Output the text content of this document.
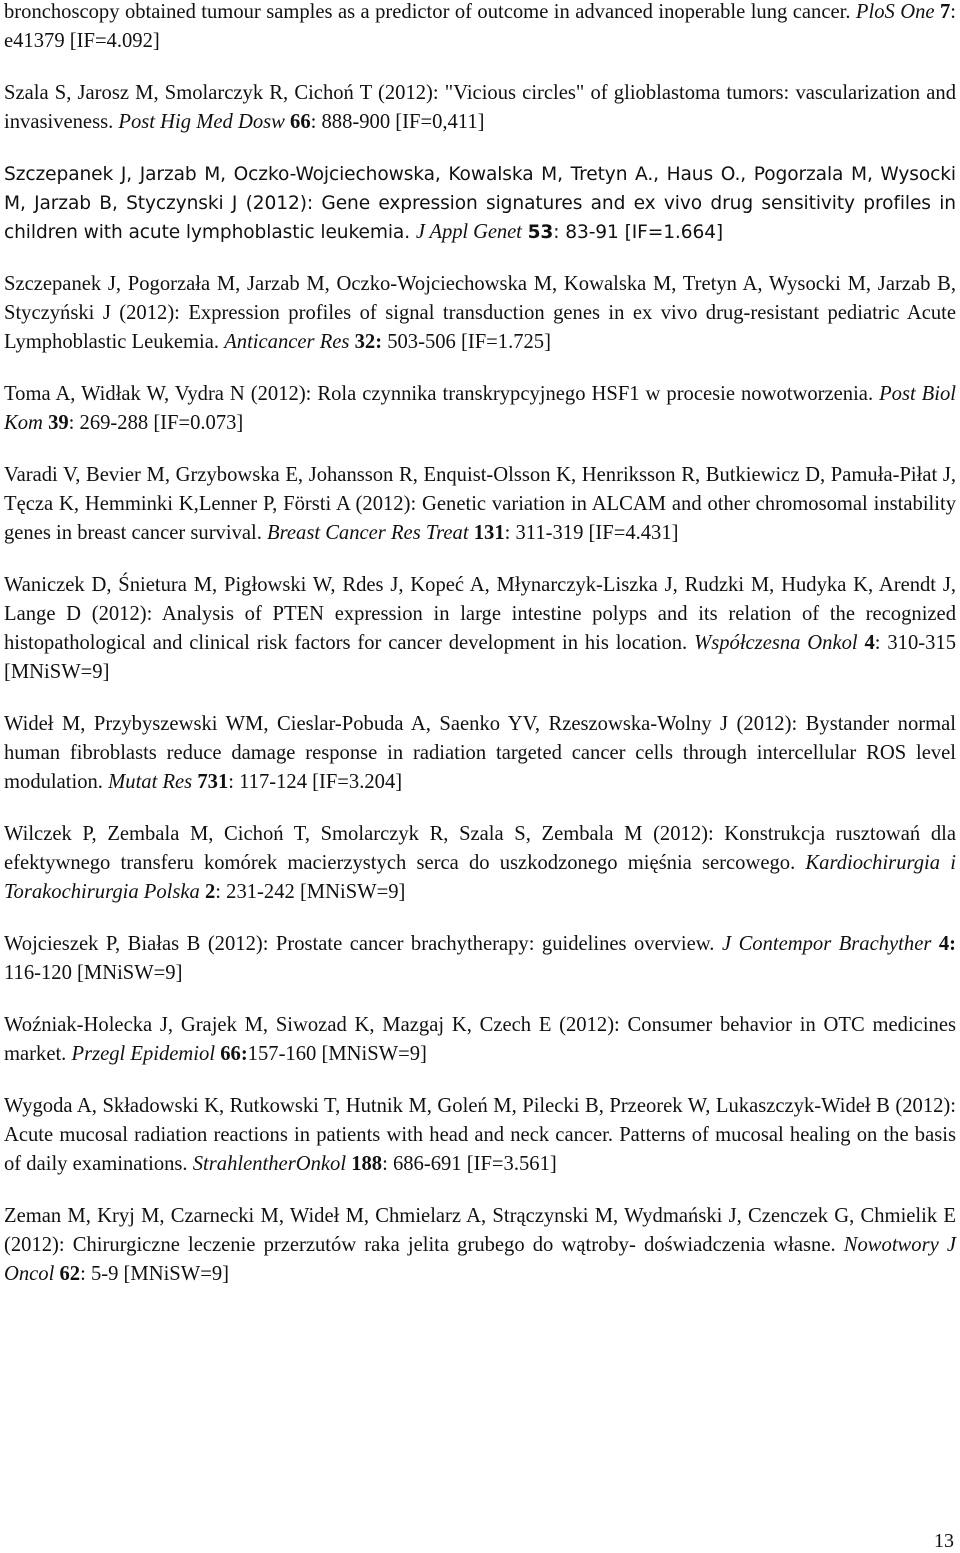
bronchoscopy obtained tumour samples as a predictor of outcome in advanced inoperable lung cancer. PloS One 7: e41379 [IF=4.092]

Szala S, Jarosz M, Smolarczyk R, Cichoń T (2012): "Vicious circles" of glioblastoma tumors: vascularization and invasiveness. Post Hig Med Dosw 66: 888-900 [IF=0,411]

Szczepanek J, Jarzab M, Oczko-Wojciechowska, Kowalska M, Tretyn A., Haus O., Pogorzala M, Wysocki M, Jarzab B, Styczynski J (2012): Gene expression signatures and ex vivo drug sensitivity profiles in children with acute lymphoblastic leukemia. J Appl Genet 53: 83-91 [IF=1.664]

Szczepanek J, Pogorzała M, Jarzab M, Oczko-Wojciechowska M, Kowalska M, Tretyn A, Wysocki M, Jarzab B, Styczyński J (2012): Expression profiles of signal transduction genes in ex vivo drug-resistant pediatric Acute Lymphoblastic Leukemia. Anticancer Res 32: 503-506 [IF=1.725]

Toma A, Widłak W, Vydra N (2012): Rola czynnika transkrypcyjnego HSF1 w procesie nowotworzenia. Post Biol Kom 39: 269-288 [IF=0.073]

Varadi V, Bevier M, Grzybowska E, Johansson R, Enquist-Olsson K, Henriksson R, Butkiewicz D, Pamuła-Piłat J, Tęcza K, Hemminki K,Lenner P, Försti A (2012): Genetic variation in ALCAM and other chromosomal instability genes in breast cancer survival. Breast Cancer Res Treat 131: 311-319 [IF=4.431]

Waniczek D, Śnietura M, Pigłowski W, Rdes J, Kopeć A, Młynarczyk-Liszka J, Rudzki M, Hudyka K, Arendt J, Lange D (2012): Analysis of PTEN expression in large intestine polyps and its relation of the recognized histopathological and clinical risk factors for cancer development in his location. Współczesna Onkol 4: 310-315 [MNiSW=9]

Wideł M, Przybyszewski WM, Cieslar-Pobuda A, Saenko YV, Rzeszowska-Wolny J (2012): Bystander normal human fibroblasts reduce damage response in radiation targeted cancer cells through intercellular ROS level modulation. Mutat Res 731: 117-124 [IF=3.204]

Wilczek P, Zembala M, Cichoń T, Smolarczyk R, Szala S, Zembala M (2012): Konstrukcja rusztowań dla efektywnego transferu komórek macierzystych serca do uszkodzonego mięśnia sercowego. Kardiochirurgia i Torakochirurgia Polska 2: 231-242 [MNiSW=9]

Wojcieszek P, Białas B (2012): Prostate cancer brachytherapy: guidelines overview. J Contempor Brachyther 4: 116-120 [MNiSW=9]

Woźniak-Holecka J, Grajek M, Siwozad K, Mazgaj K, Czech E (2012): Consumer behavior in OTC medicines market. Przegl Epidemiol 66:157-160 [MNiSW=9]

Wygoda A, Składowski K, Rutkowski T, Hutnik M, Goleń M, Pilecki B, Przeorek W, Lukaszczyk-Wideł B (2012): Acute mucosal radiation reactions in patients with head and neck cancer. Patterns of mucosal healing on the basis of daily examinations. StrahlentherOnkol 188: 686-691 [IF=3.561]

Zeman M, Kryj M, Czarnecki M, Wideł M, Chmielarz A, Strączynski M, Wydmański J, Czenczek G, Chmielik E (2012): Chirurgiczne leczenie przerzutów raka jelita grubego do wątroby- doświadczenia własne. Nowotwory J Oncol 62: 5-9 [MNiSW=9]

13
